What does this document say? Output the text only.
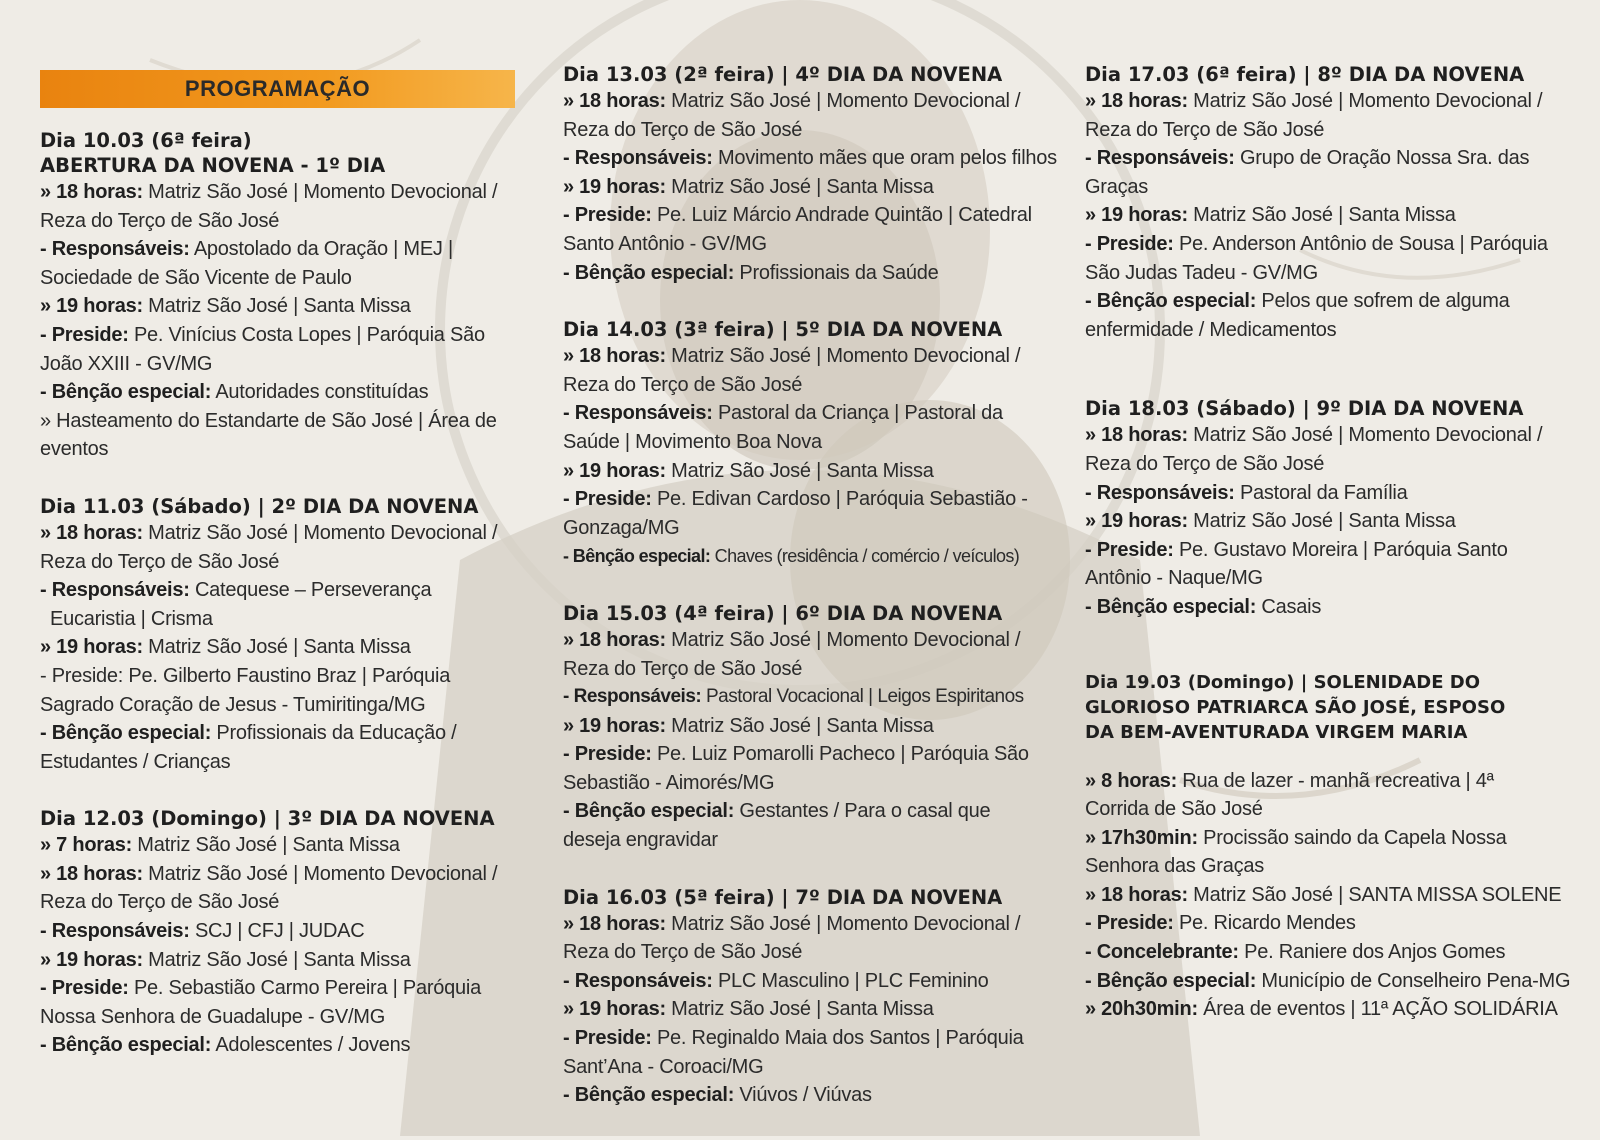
PROGRAMAÇÃO
Dia 10.03 (6ª feira)
ABERTURA DA NOVENA - 1º DIA
» 18 horas: Matriz São José | Momento Devocional /
Reza do Terço de São José
- Responsáveis: Apostolado da Oração | MEJ |
Sociedade de São Vicente de Paulo
» 19 horas: Matriz São José | Santa Missa
- Preside: Pe. Vinícius Costa Lopes | Paróquia São
João XXIII - GV/MG
- Bênção especial: Autoridades constituídas
» Hasteamento do Estandarte de São José | Área de
eventos
Dia 11.03 (Sábado) | 2º DIA DA NOVENA
» 18 horas: Matriz São José | Momento Devocional /
Reza do Terço de São José
- Responsáveis: Catequese – Perseverança
Eucaristia | Crisma
» 19 horas: Matriz São José | Santa Missa
- Preside: Pe. Gilberto Faustino Braz | Paróquia
Sagrado Coração de Jesus - Tumiritinga/MG
- Bênção especial: Profissionais da Educação /
Estudantes / Crianças
Dia 12.03 (Domingo) | 3º DIA DA NOVENA
» 7 horas: Matriz São José | Santa Missa
» 18 horas: Matriz São José | Momento Devocional /
Reza do Terço de São José
- Responsáveis: SCJ | CFJ | JUDAC
» 19 horas: Matriz São José | Santa Missa
- Preside: Pe. Sebastião Carmo Pereira | Paróquia
Nossa Senhora de Guadalupe - GV/MG
- Bênção especial: Adolescentes / Jovens
Dia 13.03 (2ª feira) | 4º DIA DA NOVENA
» 18 horas: Matriz São José | Momento Devocional /
Reza do Terço de São José
- Responsáveis: Movimento mães que oram pelos filhos
» 19 horas: Matriz São José | Santa Missa
- Preside: Pe. Luiz Márcio Andrade Quintão | Catedral
Santo Antônio - GV/MG
- Bênção especial: Profissionais da Saúde
Dia 14.03 (3ª feira) | 5º DIA DA NOVENA
» 18 horas: Matriz São José | Momento Devocional /
Reza do Terço de São José
- Responsáveis: Pastoral da Criança | Pastoral da
Saúde | Movimento Boa Nova
» 19 horas: Matriz São José | Santa Missa
- Preside: Pe. Edivan Cardoso | Paróquia Sebastião -
Gonzaga/MG
- Bênção especial: Chaves (residência / comércio / veículos)
Dia 15.03 (4ª feira) | 6º DIA DA NOVENA
» 18 horas: Matriz São José | Momento Devocional /
Reza do Terço de São José
- Responsáveis: Pastoral Vocacional | Leigos Espiritanos
» 19 horas: Matriz São José | Santa Missa
- Preside: Pe. Luiz Pomarolli Pacheco | Paróquia São
Sebastião - Aimorés/MG
- Bênção especial: Gestantes / Para o casal que
deseja engravidar
Dia 16.03 (5ª feira) | 7º DIA DA NOVENA
» 18 horas: Matriz São José | Momento Devocional /
Reza do Terço de São José
- Responsáveis: PLC Masculino | PLC Feminino
» 19 horas: Matriz São José | Santa Missa
- Preside: Pe. Reginaldo Maia dos Santos | Paróquia
Sant’Ana - Coroaci/MG
- Bênção especial: Viúvos / Viúvas
Dia 17.03 (6ª feira) | 8º DIA DA NOVENA
» 18 horas: Matriz São José | Momento Devocional /
Reza do Terço de São José
- Responsáveis: Grupo de Oração Nossa Sra. das
Graças
» 19 horas: Matriz São José | Santa Missa
- Preside: Pe. Anderson Antônio de Sousa | Paróquia
São Judas Tadeu - GV/MG
- Bênção especial: Pelos que sofrem de alguma
enfermidade / Medicamentos
Dia 18.03 (Sábado) | 9º DIA DA NOVENA
» 18 horas: Matriz São José | Momento Devocional /
Reza do Terço de São José
- Responsáveis: Pastoral da Família
» 19 horas: Matriz São José | Santa Missa
- Preside: Pe. Gustavo Moreira | Paróquia Santo
Antônio - Naque/MG
- Bênção especial: Casais
Dia 19.03 (Domingo) | SOLENIDADE DO
GLORIOSO PATRIARCA SÃO JOSÉ, ESPOSO
DA BEM-AVENTURADA VIRGEM MARIA
» 8 horas: Rua de lazer - manhã recreativa | 4ª
Corrida de São José
» 17h30min: Procissão saindo da Capela Nossa
Senhora das Graças
» 18 horas: Matriz São José | SANTA MISSA SOLENE
- Preside: Pe. Ricardo Mendes
- Concelebrante: Pe. Raniere dos Anjos Gomes
- Bênção especial: Município de Conselheiro Pena-MG
» 20h30min: Área de eventos | 11ª AÇÃO SOLIDÁRIA
